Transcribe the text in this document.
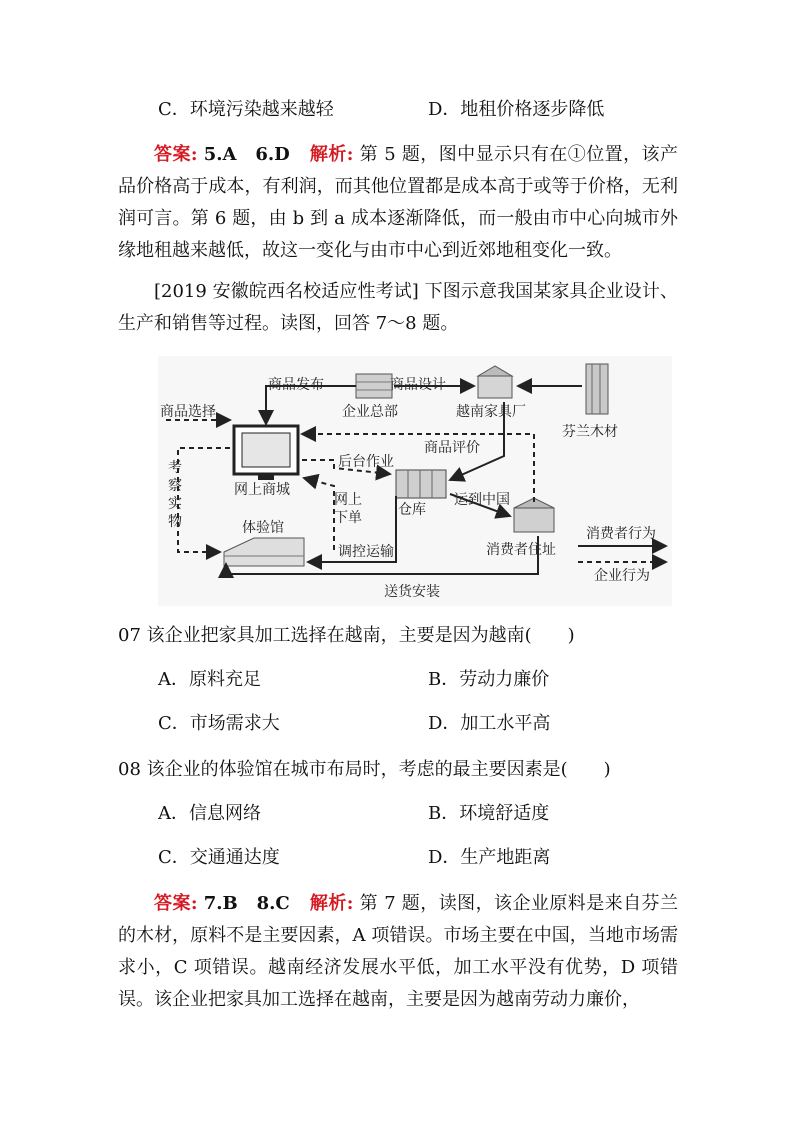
C．环境污染越来越轻	D．地租价格逐步降低
答案: 5.A　6.D 解析: 第 5 题，图中显示只有在①位置，该产品价格高于成本，有利润，而其他位置都是成本高于或等于价格，无利润可言。第 6 题，由 b 到 a 成本逐渐降低，而一般由市中心向城市外缘地租越来越低，故这一变化与由市中心到近郊地租变化一致。
[2019 安徽皖西名校适应性考试] 下图示意我国某家具企业设计、生产和销售等过程。读图，回答 7～8 题。
商品发布	商品设计
企业总部	越南家具厂
芬兰木材
商品选择
商品评价
后台作业
运到中国
网上商城
网上
下单	仓库
体验馆
考
察
实
物
调控运输	消费者住址
消费者行为
企业行为
送货安装
07 该企业把家具加工选择在越南，主要是因为越南(　　)
A．原料充足	B．劳动力廉价
C．市场需求大	D．加工水平高
08 该企业的体验馆在城市布局时，考虑的最主要因素是(　　)
A．信息网络	B．环境舒适度
C．交通通达度	D．生产地距离
答案: 7.B　8.C 解析: 第 7 题，读图，该企业原料是来自芬兰的木材，原料不是主要因素，A 项错误。市场主要在中国，当地市场需求小，C 项错误。越南经济发展水平低，加工水平没有优势，D 项错误。该企业把家具加工选择在越南，主要是因为越南劳动力廉价，
